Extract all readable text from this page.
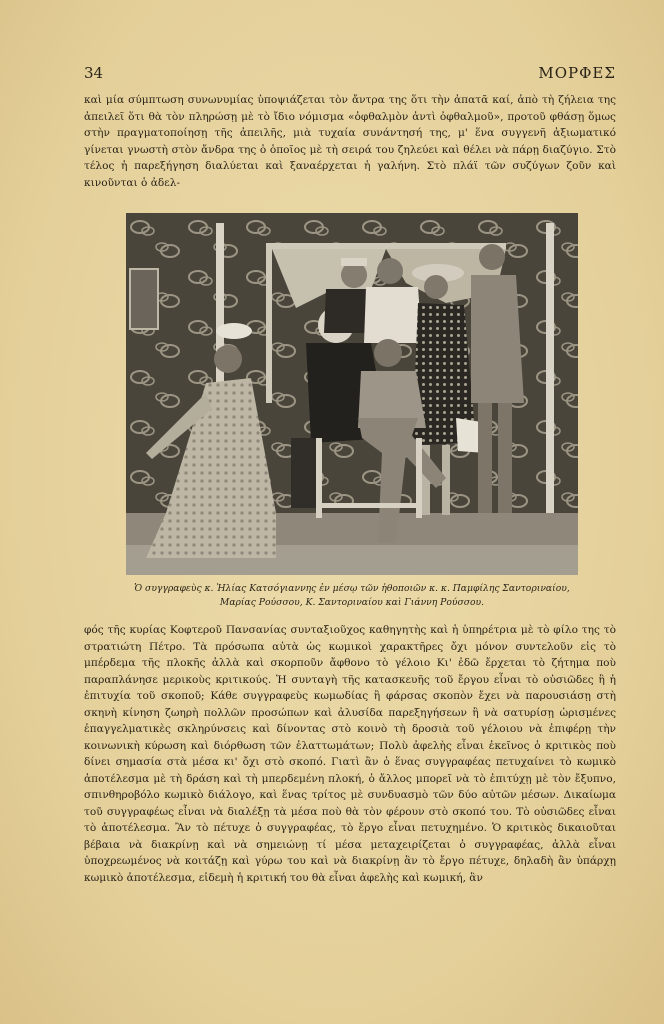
34	ΜΟΡΦΕΣ

καὶ μία σύμπτωση συνωνυμίας ὑποψιάζεται τὸν ἄντρα της ὅτι τὴν ἀπατᾶ καί, ἀπὸ τὴ ζήλεια της ἀπειλεῖ ὅτι θὰ τὸν πληρώσῃ μὲ τὸ ἴδιο νόμισμα «ὀφθαλμὸν ἀντὶ ὀφθαλμοῦ», προτοῦ φθάσῃ ὅμως στὴν πραγματοποίησῃ τῆς ἀπειλῆς, μιὰ τυχαία συνάντησή της, μ' ἕνα συγγενῆ ἀξιωματικό γίνεται γνωστὴ στὸν ἄνδρα της ὁ ὁποῖος μὲ τὴ σειρά του ζηλεύει καὶ θέλει νὰ πάρῃ διαζύγιο. Στὸ τέλος ἡ παρεξήγηση διαλύεται καὶ ξαναέρχεται ἡ γαλήνη. Στὸ πλάϊ τῶν συζύγων ζοῦν καὶ κινοῦνται ὁ ἀδελ-

Ὁ συγγραφεὺς κ. Ἠλίας Κατσόγιαννης ἐν μέσῳ τῶν ἠθοποιῶν κ. κ. Παμφίλης Σαντοριναίου,
Μαρίας Ρούσσου, Κ. Σαντοριναίου καὶ Γιάννη Ρούσσου.

φός τῆς κυρίας Κοφτεροῦ Πανσανίας συνταξιοῦχος καθηγητὴς καὶ ἡ ὑπηρέτρια μὲ τὸ φίλο της τὸ στρατιώτη Πέτρο. Τὰ πρόσωπα αὐτὰ ὡς κωμικοὶ χαρακτῆρες ὄχι μόνον συντελοῦν εἰς τὸ μπέρδεμα τῆς πλοκῆς ἀλλὰ καὶ σκορποῦν ἄφθονο τὸ γέλοιο Κι' ἐδῶ ἔρχεται τὸ ζήτημα ποὺ παραπλάνησε μερικοὺς κριτικούς. Ἡ συνταγὴ τῆς κατασκευῆς τοῦ ἔργου εἶναι τὸ οὐσιῶδες ἢ ἡ ἐπιτυχία τοῦ σκοποῦ; Κάθε συγγραφεὺς κωμωδίας ἢ φάρσας σκοπὸν ἔχει νὰ παρουσιάσῃ στὴ σκηνὴ κίνηση ζωηρὴ πολλῶν προσώπων καὶ ἀλυσίδα παρεξηγήσεων ἢ νὰ σατυρίσῃ ὡρισμένες ἐπαγγελματικὲς σκληρύνσεις καὶ δίνοντας στὸ κοινὸ τὴ δροσιὰ τοῦ γέλοιου νὰ ἐπιφέρῃ τὴν κοινωνικὴ κύρωση καὶ διόρθωση τῶν ἐλαττωμάτων; Πολὺ ἀφελὴς εἶναι ἐκεῖνος ὁ κριτικὸς ποὺ δίνει σημασία στὰ μέσα κι' ὄχι στὸ σκοπό. Γιατὶ ἂν ὁ ἕνας συγγραφέας πετυχαίνει τὸ κωμικὸ ἀποτέλεσμα μὲ τὴ δράση καὶ τὴ μπερδεμένη πλοκή, ὁ ἄλλος μπορεῖ νὰ τὸ ἐπιτύχῃ μὲ τὸν ἔξυπνο, σπινθηροβόλο κωμικὸ διάλογο, καὶ ἕνας τρίτος μὲ συνδυασμὸ τῶν δύο αὐτῶν μέσων. Δικαίωμα τοῦ συγγραφέως εἶναι νὰ διαλέξῃ τὰ μέσα ποὺ θὰ τὸν φέρουν στὸ σκοπό του. Τὸ οὐσιῶδες εἶναι τὸ ἀποτέλεσμα. Ἂν τὸ πέτυχε ὁ συγγραφέας, τὸ ἔργο εἶναι πετυχημένο. Ὁ κριτικὸς δικαιοῦται βέβαια νὰ διακρίνῃ καὶ νὰ σημειώνῃ τί μέσα μεταχειρίζεται ὁ συγγραφέας, ἀλλὰ εἶναι ὑποχρεωμένος νὰ κοιτάζῃ καὶ γύρω του καὶ νὰ διακρίνῃ ἂν τὸ ἔργο πέτυχε, δηλαδὴ ἂν ὑπάρχῃ κωμικὸ ἀποτέλεσμα, εἰδεμὴ ἡ κριτική του θὰ εἶναι ἀφελὴς καὶ κωμική, ἂν
